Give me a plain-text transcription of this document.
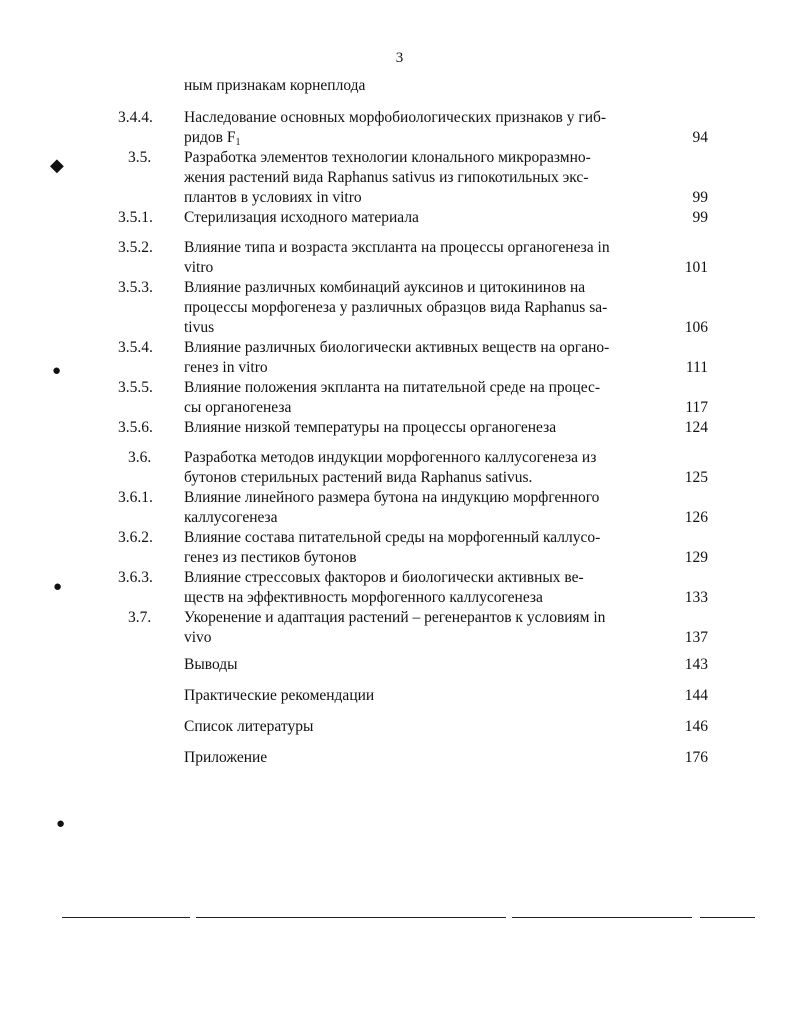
3
ным признакам корнеплода
3.4.4.	Наследование основных морфобиологических признаков у гиб-
ридов $F_1$	94
3.5.	Разработка элементов технологии клонального микроразмно-
жения растений вида Raphanus sativus из гипокотильных экс-
плантов в условиях in vitro	99
3.5.1.	Стерилизация исходного материала	99
3.5.2.	Влияние типа и возраста экспланта на процессы органогенеза in
vitro	101
3.5.3.	Влияние различных комбинаций ауксинов и цитокининов на
процессы морфогенеза у различных образцов вида Raphanus sa-
tivus	106
3.5.4.	Влияние различных биологически активных веществ на органо-
генез in vitro	111
3.5.5.	Влияние положения экпланта на питательной среде на процес-
сы органогенеза	117
3.5.6.	Влияние низкой температуры на процессы органогенеза	124
3.6.	Разработка методов индукции морфогенного каллусогенеза из
бутонов стерильных растений вида Raphanus sativus.	125
3.6.1.	Влияние линейного размера бутона на индукцию морфгенного
каллусогенеза	126
3.6.2.	Влияние состава питательной среды на морфогенный каллусо-
генез из пестиков бутонов	129
3.6.3.	Влияние стрессовых факторов и биологически активных ве-
ществ на эффективность морфогенного каллусогенеза	133
3.7.	Укоренение и адаптация растений – регенерантов к условиям in
vivo	137
Выводы	143
Практические рекомендации	144
Список литературы	146
Приложение	176
◆
●
●
●
